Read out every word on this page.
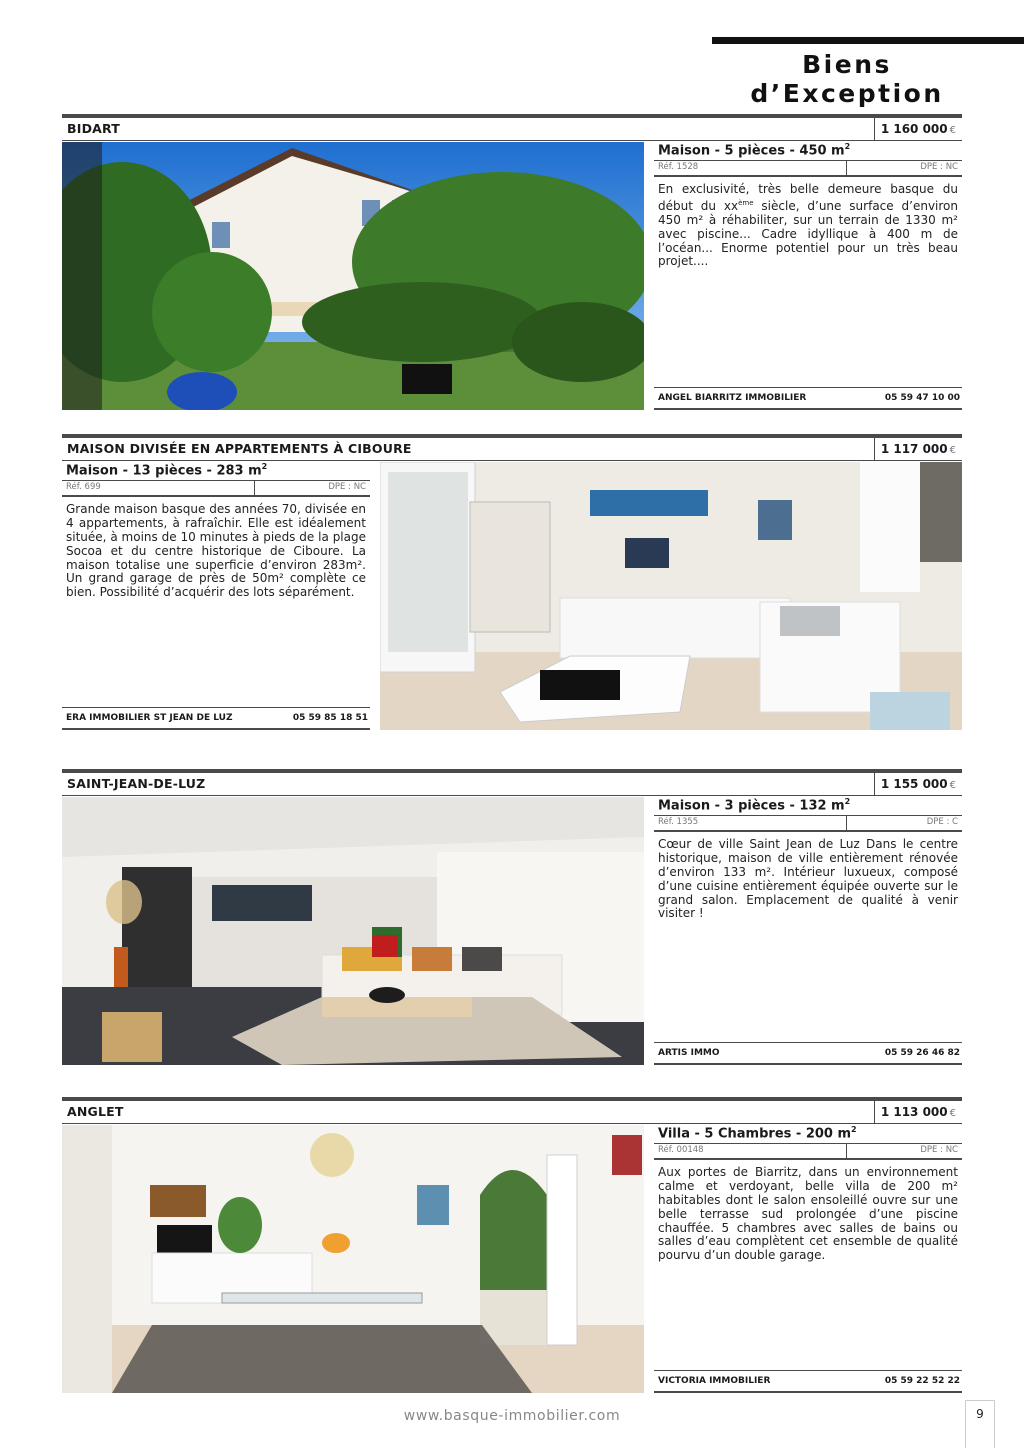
Biens d’Exception
BIDART	1 160 000 €
Maison - 5 pièces - 450 $m^2$
Réf. 1528	DPE : NC
En exclusivité, très belle demeure basque du début du $xx^{ème}$ siècle, d’une surface d’environ 450 m² à réhabiliter, sur un terrain de 1330 m² avec piscine... Cadre idyllique à 400 m de l’océan... Enorme potentiel pour un très beau projet....
ANGEL BIARRITZ IMMOBILIER	05 59 47 10 00
MAISON DIVISÉE EN APPARTEMENTS À CIBOURE	1 117 000 €
Maison - 13 pièces - 283 $m^2$
Réf. 699	DPE : NC
Grande maison basque des années 70, divisée en 4 appartements, à rafraîchir. Elle est idéalement située, à moins de 10 minutes à pieds de la plage Socoa et du centre historique de Ciboure. La maison totalise une superficie d’environ 283m². Un grand garage de près de 50m² complète ce bien. Possibilité d’acquérir des lots séparément.
ERA IMMOBILIER ST JEAN DE LUZ	05 59 85 18 51
SAINT-JEAN-DE-LUZ	1 155 000 €
Maison - 3 pièces - 132 $m^2$
Réf. 1355	DPE : C
Cœur de ville Saint Jean de Luz Dans le centre historique, maison de ville entièrement rénovée d’environ 133 m². Intérieur luxueux, composé d’une cuisine entièrement équipée ouverte sur le grand salon. Emplacement de qualité à venir visiter !
ARTIS IMMO	05 59 26 46 82
ANGLET	1 113 000 €
Villa - 5 Chambres - 200 $m^2$
Réf. 00148	DPE : NC
Aux portes de Biarritz, dans un environnement calme et verdoyant, belle villa de 200 m² habitables dont le salon ensoleillé ouvre sur une belle terrasse sud prolongée d’une piscine chauffée. 5 chambres avec salles de bains ou salles d’eau complètent cet ensemble de qualité pourvu d’un double garage.
VICTORIA IMMOBILIER	05 59 22 52 22
www.basque-immobilier.com	9
